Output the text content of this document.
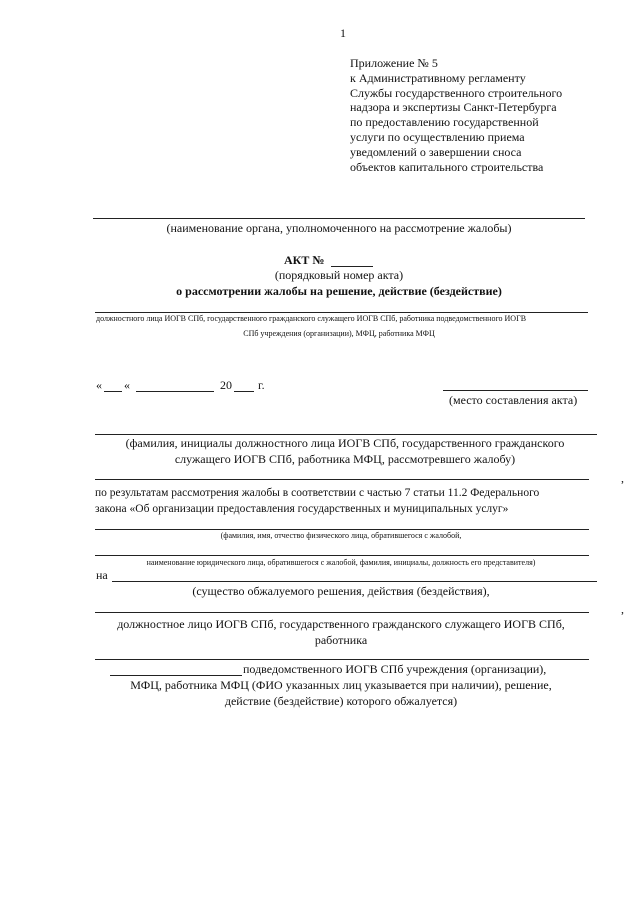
1

Приложение № 5

к Административному регламенту

Службы государственного строительного

надзора и экспертизы Санкт-Петербурга

по предоставлению государственной

услуги по осуществлению приема

уведомлений о завершении сноса

объектов капитального строительства

(наименование органа, уполномоченного на рассмотрение жалобы)
АКТ №
(порядковый номер акта)
о рассмотрении жалобы на решение, действие (бездействие)
должностного лица ИОГВ СПб, государственного гражданского служащего ИОГВ СПб, работника подведомственного ИОГВ
СПб учреждения (организации), МФЦ, работника МФЦ
« «	20 г.
(место составления акта)
(фамилия, инициалы должностного лица ИОГВ СПб, государственного гражданского
служащего ИОГВ СПб, работника МФЦ, рассмотревшего жалобу)
,
по результатам рассмотрения жалобы в соответствии с частью 7 статьи 11.2 Федерального
закона «Об организации предоставления государственных и муниципальных услуг»
(фамилия, имя, отчество физического лица, обратившегося с жалобой,
наименование юридического лица, обратившегося с жалобой, фамилия, инициалы, должность его представителя)
на
(существо обжалуемого решения, действия (бездействия),
,
должностное лицо ИОГВ СПб, государственного гражданского служащего ИОГВ СПб,
работника
подведомственного ИОГВ СПб учреждения (организации),
МФЦ, работника МФЦ (ФИО указанных лиц указывается при наличии), решение,
действие (бездействие) которого обжалуется)
